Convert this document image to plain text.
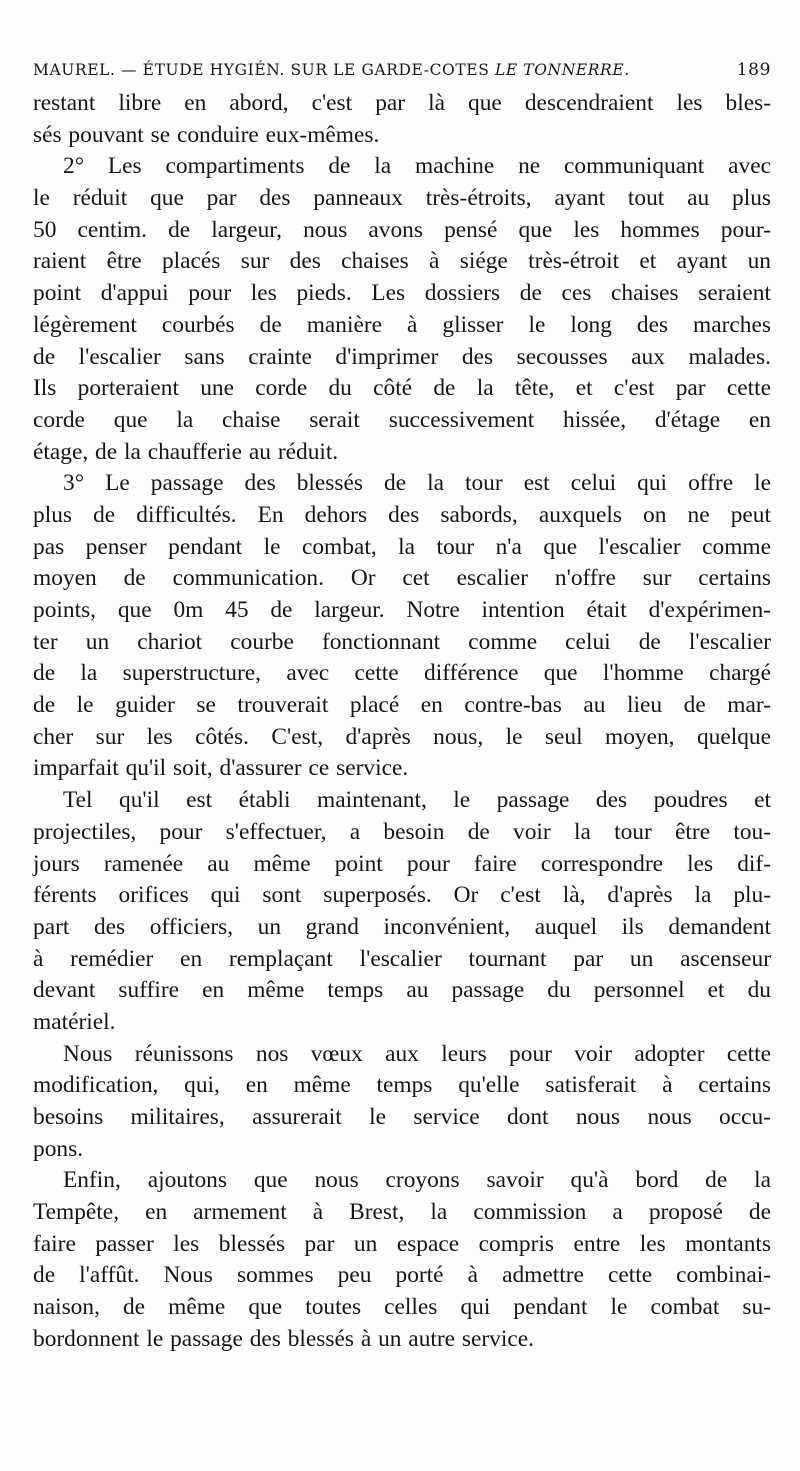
MAUREL. — ÉTUDE HYGIÉN. SUR LE GARDE-COTES LE TONNERRE.	189
restant libre en abord, c'est par là que descendraient les bles-
sés pouvant se conduire eux-mêmes.
2° Les compartiments de la machine ne communiquant avec
le réduit que par des panneaux très-étroits, ayant tout au plus
50 centim. de largeur, nous avons pensé que les hommes pour-
raient être placés sur des chaises à siége très-étroit et ayant un
point d'appui pour les pieds. Les dossiers de ces chaises seraient
légèrement courbés de manière à glisser le long des marches
de l'escalier sans crainte d'imprimer des secousses aux malades.
Ils porteraient une corde du côté de la tête, et c'est par cette
corde que la chaise serait successivement hissée, d'étage en
étage, de la chaufferie au réduit.
3° Le passage des blessés de la tour est celui qui offre le
plus de difficultés. En dehors des sabords, auxquels on ne peut
pas penser pendant le combat, la tour n'a que l'escalier comme
moyen de communication. Or cet escalier n'offre sur certains
points, que 0m 45 de largeur. Notre intention était d'expérimen-
ter un chariot courbe fonctionnant comme celui de l'escalier
de la superstructure, avec cette différence que l'homme chargé
de le guider se trouverait placé en contre-bas au lieu de mar-
cher sur les côtés. C'est, d'après nous, le seul moyen, quelque
imparfait qu'il soit, d'assurer ce service.
Tel qu'il est établi maintenant, le passage des poudres et
projectiles, pour s'effectuer, a besoin de voir la tour être tou-
jours ramenée au même point pour faire correspondre les dif-
férents orifices qui sont superposés. Or c'est là, d'après la plu-
part des officiers, un grand inconvénient, auquel ils demandent
à remédier en remplaçant l'escalier tournant par un ascenseur
devant suffire en même temps au passage du personnel et du
matériel.
Nous réunissons nos vœux aux leurs pour voir adopter cette
modification, qui, en même temps qu'elle satisferait à certains
besoins militaires, assurerait le service dont nous nous occu-
pons.
Enfin, ajoutons que nous croyons savoir qu'à bord de la
Tempête, en armement à Brest, la commission a proposé de
faire passer les blessés par un espace compris entre les montants
de l'affût. Nous sommes peu porté à admettre cette combinai-
naison, de même que toutes celles qui pendant le combat su-
bordonnent le passage des blessés à un autre service.
